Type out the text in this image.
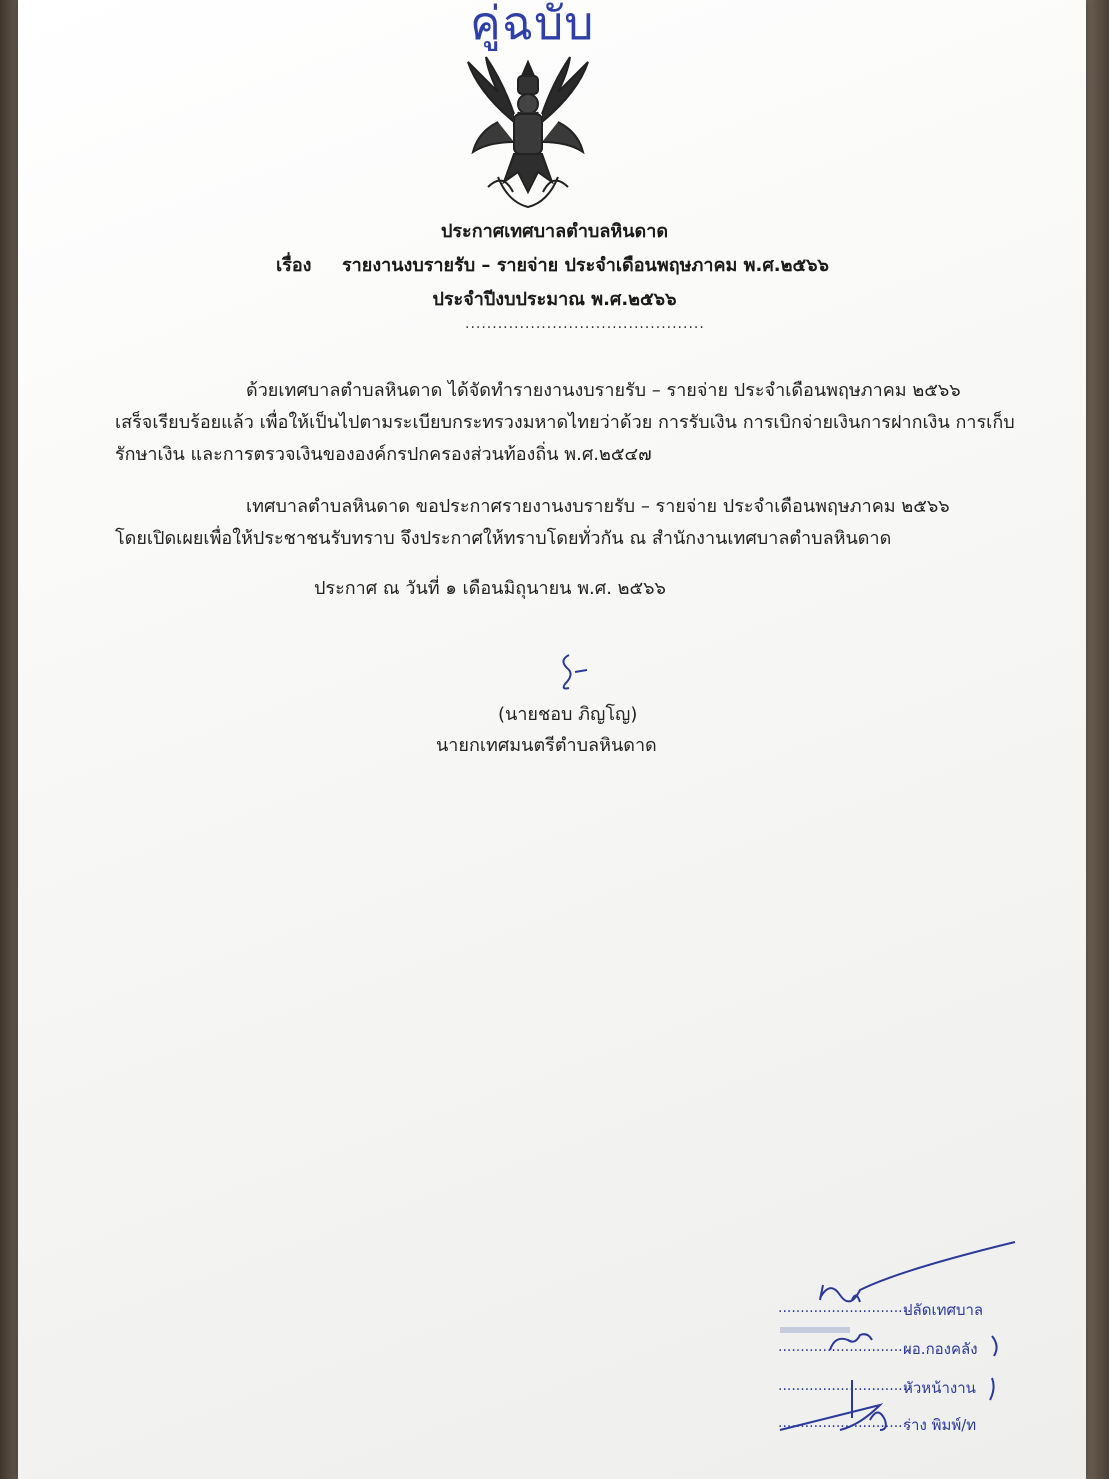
คู่ฉบับ
ประกาศเทศบาลตำบลหินดาด
เรื่อง รายงานงบรายรับ – รายจ่าย ประจำเดือนพฤษภาคม พ.ศ.๒๕๖๖
ประจำปีงบประมาณ พ.ศ.๒๕๖๖
............................................
ด้วยเทศบาลตำบลหินดาด ได้จัดทำรายงานงบรายรับ – รายจ่าย ประจำเดือนพฤษภาคม ๒๕๖๖
เสร็จเรียบร้อยแล้ว เพื่อให้เป็นไปตามระเบียบกระทรวงมหาดไทยว่าด้วย การรับเงิน การเบิกจ่ายเงินการฝากเงิน การเก็บ
รักษาเงิน และการตรวจเงินขององค์กรปกครองส่วนท้องถิ่น พ.ศ.๒๕๔๗
เทศบาลตำบลหินดาด ขอประกาศรายงานงบรายรับ – รายจ่าย ประจำเดือนพฤษภาคม ๒๕๖๖
โดยเปิดเผยเพื่อให้ประชาชนรับทราบ จึงประกาศให้ทราบโดยทั่วกัน ณ สำนักงานเทศบาลตำบลหินดาด
ประกาศ ณ วันที่ ๑ เดือนมิถุนายน พ.ศ. ๒๕๖๖
(นายชอบ ภิญโญ)
นายกเทศมนตรีตำบลหินดาด
..............................
ปลัดเทศบาล
..............................
ผอ.กองคลัง
..............................
หัวหน้างาน
..............................
ร่าง พิมพ์/ท
